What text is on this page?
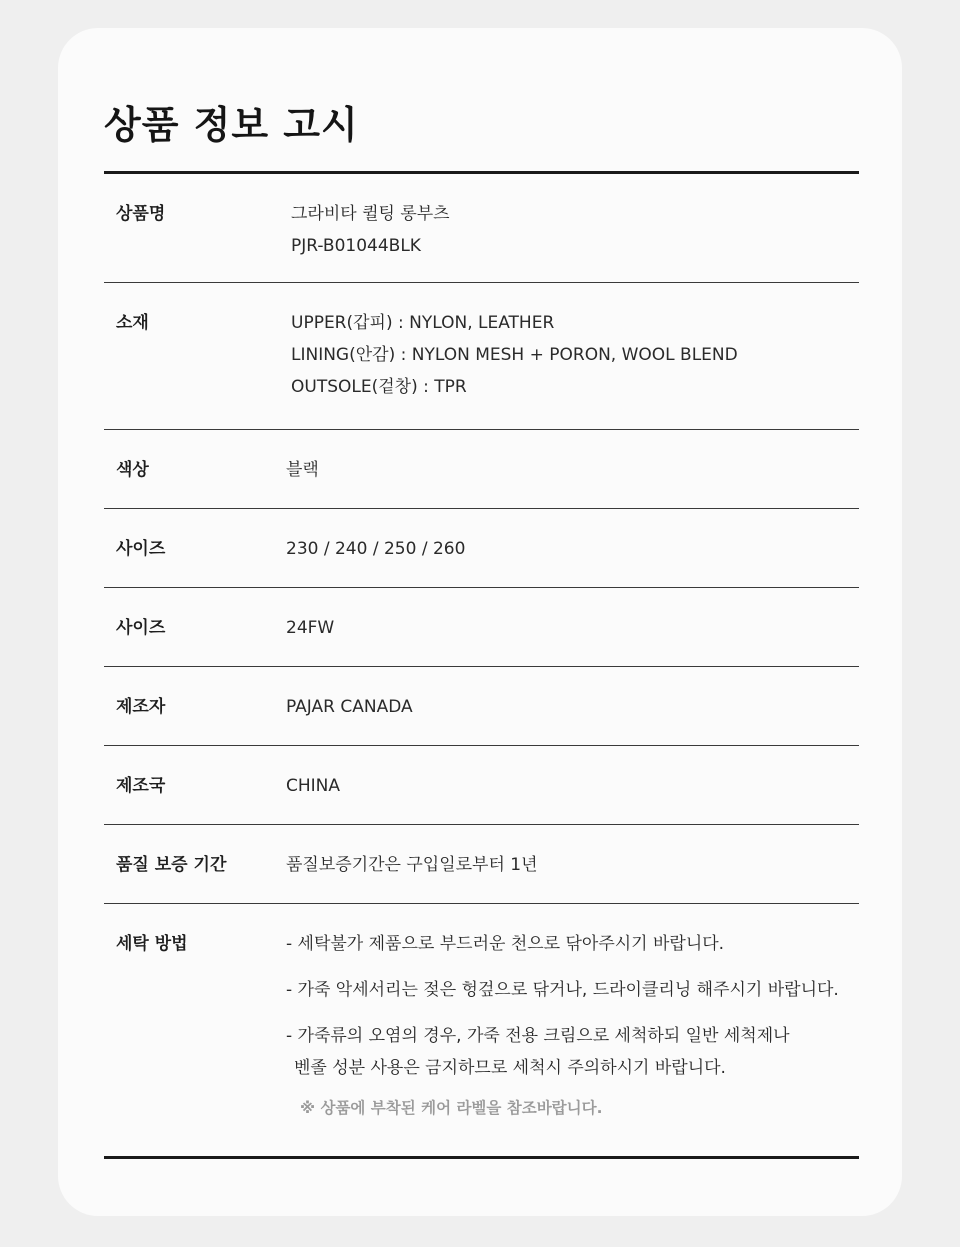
상품 정보 고시
상품명	그라비타 퀼팅 롱부츠
PJR-B01044BLK
소재	UPPER(갑피) : NYLON, LEATHER
LINING(안감) : NYLON MESH + PORON, WOOL BLEND
OUTSOLE(겉창) : TPR
색상	블랙
사이즈	230 / 240 / 250 / 260
사이즈	24FW
제조자	PAJAR CANADA
제조국	CHINA
품질 보증 기간	품질보증기간은 구입일로부터 1년
세탁 방법	- 세탁불가 제품으로 부드러운 천으로 닦아주시기 바랍니다.
- 가죽 악세서리는 젖은 헝겊으로 닦거나, 드라이클리닝 해주시기 바랍니다.
- 가죽류의 오염의 경우, 가죽 전용 크림으로 세척하되 일반 세척제나
벤졸 성분 사용은 금지하므로 세척시 주의하시기 바랍니다.
※ 상품에 부착된 케어 라벨을 참조바랍니다.
